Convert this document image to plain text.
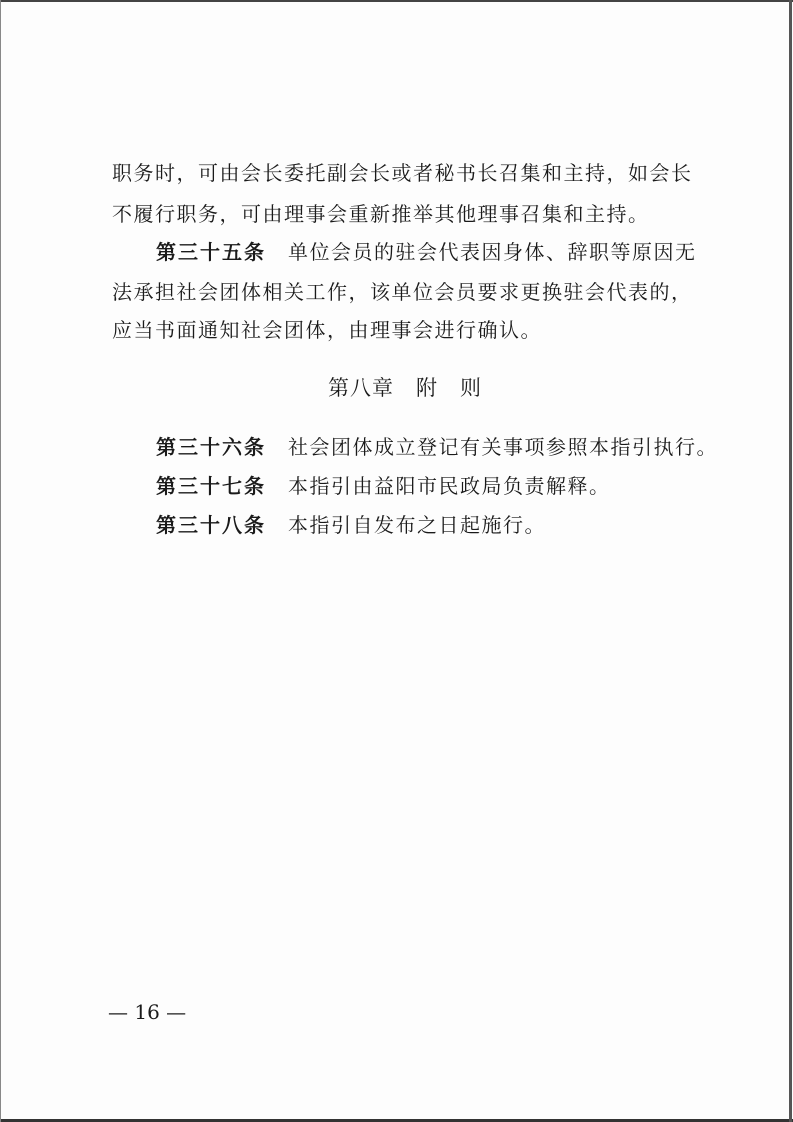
职务时，可由会长委托副会长或者秘书长召集和主持，如会长
不履行职务，可由理事会重新推举其他理事召集和主持。
第三十五条 单位会员的驻会代表因身体、辞职等原因无
法承担社会团体相关工作，该单位会员要求更换驻会代表的，
应当书面通知社会团体，由理事会进行确认。
第八章　附　则
第三十六条 社会团体成立登记有关事项参照本指引执行。
第三十七条 本指引由益阳市民政局负责解释。
第三十八条 本指引自发布之日起施行。
— 16 —
